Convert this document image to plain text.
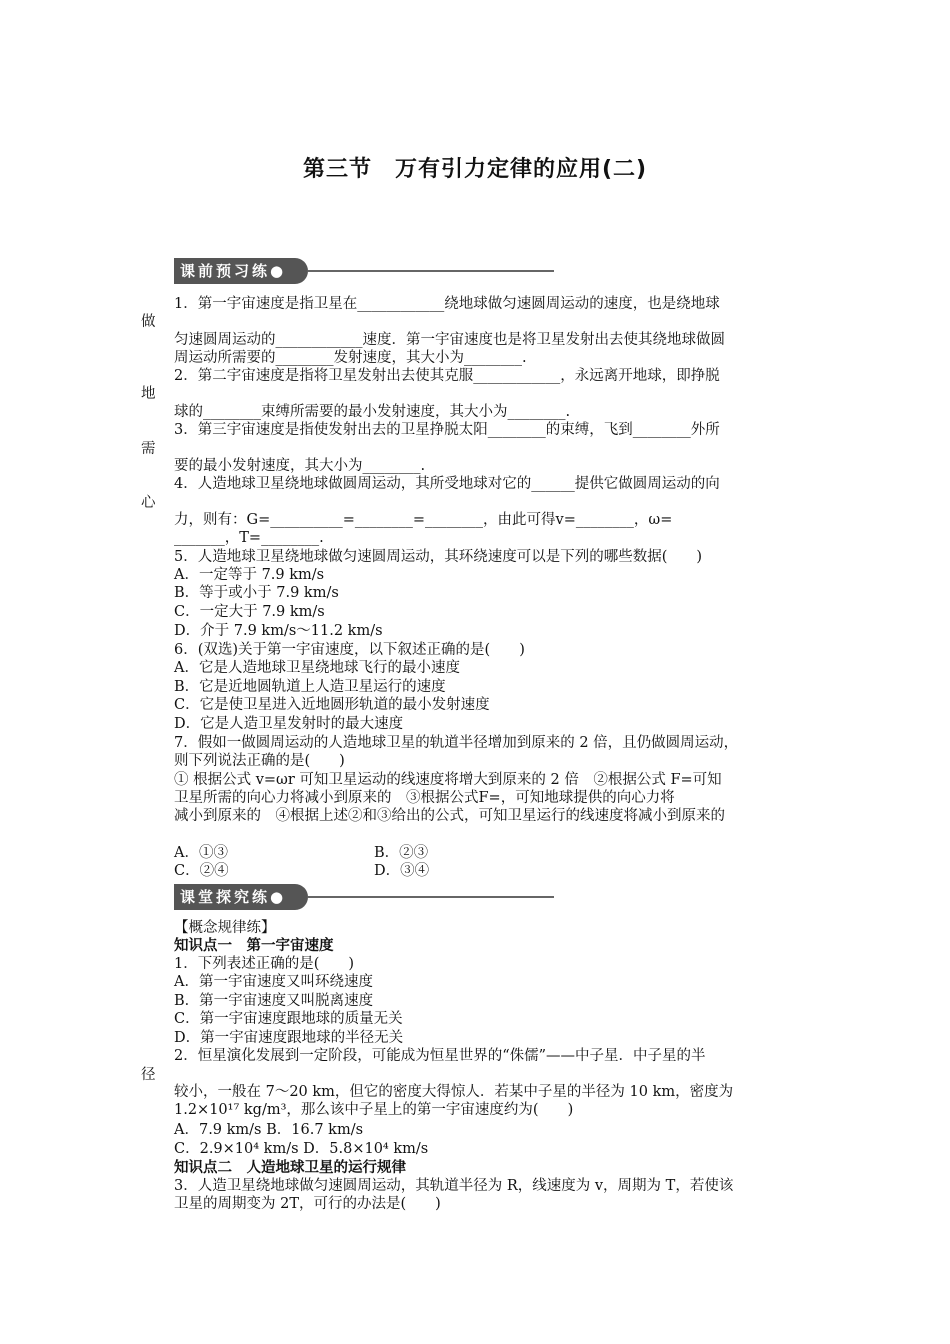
第三节　万有引力定律的应用(二)
课前预习练●
做
地
需
心
径
1．第一宇宙速度是指卫星在____________绕地球做匀速圆周运动的速度，也是绕地球
匀速圆周运动的____________速度．第一宇宙速度也是将卫星发射出去使其绕地球做圆
周运动所需要的________发射速度，其大小为________.
2．第二宇宙速度是指将卫星发射出去使其克服____________，永远离开地球，即挣脱
球的________束缚所需要的最小发射速度，其大小为________.
3．第三宇宙速度是指使发射出去的卫星挣脱太阳________的束缚，飞到________外所
要的最小发射速度，其大小为________.
4．人造地球卫星绕地球做圆周运动，其所受地球对它的______提供它做圆周运动的向
力，则有：G=__________=________=________，由此可得v=________，ω=
_______，T=________.
5．人造地球卫星绕地球做匀速圆周运动，其环绕速度可以是下列的哪些数据(　　)
A．一定等于 7.9 km/s
B．等于或小于 7.9 km/s
C．一定大于 7.9 km/s
D．介于 7.9 km/s～11.2 km/s
6．(双选)关于第一宇宙速度，以下叙述正确的是(　　)
A．它是人造地球卫星绕地球飞行的最小速度
B．它是近地圆轨道上人造卫星运行的速度
C．它是使卫星进入近地圆形轨道的最小发射速度
D．它是人造卫星发射时的最大速度
7．假如一做圆周运动的人造地球卫星的轨道半径增加到原来的 2 倍，且仍做圆周运动，
则下列说法正确的是(　　)
① 根据公式 v=ωr 可知卫星运动的线速度将增大到原来的 2 倍　②根据公式 F=可知
卫星所需的向心力将减小到原来的　③根据公式F=，可知地球提供的向心力将
减小到原来的　④根据上述②和③给出的公式，可知卫星运行的线速度将减小到原来的
A．①③	B．②③
C．②④	D．③④
课堂探究练●
【概念规律练】
知识点一　第一宇宙速度
1．下列表述正确的是(　　)
A．第一宇宙速度又叫环绕速度
B．第一宇宙速度又叫脱离速度
C．第一宇宙速度跟地球的质量无关
D．第一宇宙速度跟地球的半径无关
2．恒星演化发展到一定阶段，可能成为恒星世界的“侏儒”——中子星．中子星的半
较小，一般在 7～20 km，但它的密度大得惊人．若某中子星的半径为 10 km，密度为
1.2×10¹⁷ kg/m³，那么该中子星上的第一宇宙速度约为(　　)
A．7.9 km/s B．16.7 km/s
C．2.9×10⁴ km/s D．5.8×10⁴ km/s
知识点二　人造地球卫星的运行规律
3．人造卫星绕地球做匀速圆周运动，其轨道半径为 R，线速度为 v，周期为 T，若使该
卫星的周期变为 2T，可行的办法是(　　)
